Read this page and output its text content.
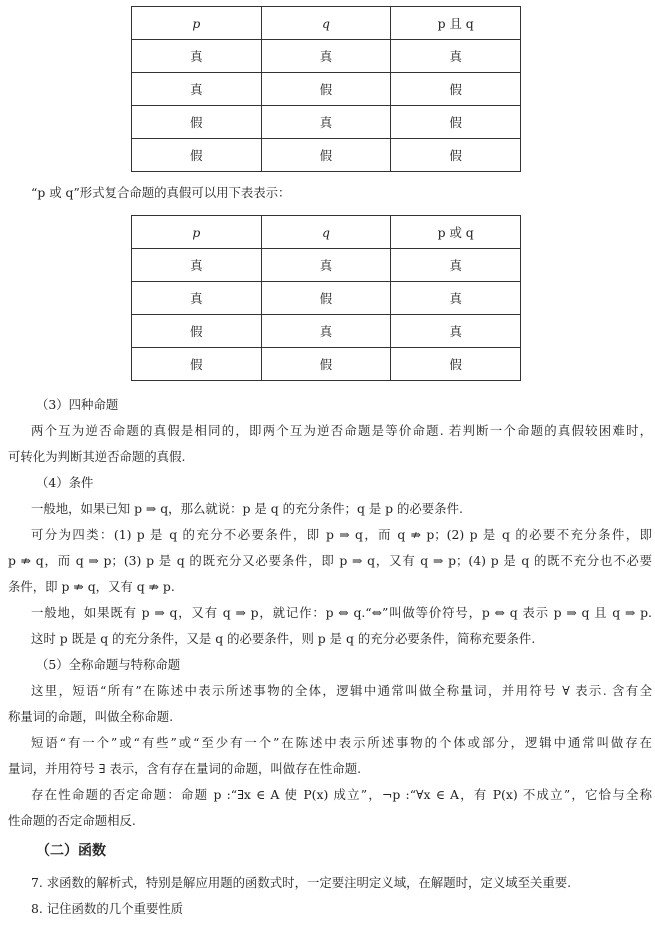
p	q	p 且 q
真	真	真
真	假	假
假	真	假
假	假	假
“p 或 q”形式复合命题的真假可以用下表表示：
p	q	p 或 q
真	真	真
真	假	真
假	真	真
假	假	假
（3）四种命题
两个互为逆否命题的真假是相同的，即两个互为逆否命题是等价命题. 若判断一个命题的真假较困难时，
可转化为判断其逆否命题的真假.
（4）条件
一般地，如果已知 p ⇒ q，那么就说：p 是 q 的充分条件；q 是 p 的必要条件.
可分为四类：(1) p 是 q 的充分不必要条件，即 p ⇒ q，而 q ⇏ p；(2) p 是 q 的必要不充分条件，即
p ⇏ q，而 q ⇒ p；(3) p 是 q 的既充分又必要条件，即 p ⇒ q，又有 q ⇒ p；(4) p 是 q 的既不充分也不必要
条件，即 p ⇏ q，又有 q ⇏ p.
一般地，如果既有 p ⇒ q，又有 q ⇒ p，就记作：p ⇔ q.“⇔”叫做等价符号，p ⇔ q 表示 p ⇒ q 且 q ⇒ p.
这时 p 既是 q 的充分条件，又是 q 的必要条件，则 p 是 q 的充分必要条件，简称充要条件.
（5）全称命题与特称命题
这里，短语“所有”在陈述中表示所述事物的全体，逻辑中通常叫做全称量词，并用符号 ∀ 表示. 含有全
称量词的命题，叫做全称命题.
短语“有一个”或“有些”或“至少有一个”在陈述中表示所述事物的个体或部分，逻辑中通常叫做存在
量词，并用符号 ∃ 表示，含有存在量词的命题，叫做存在性命题.
存在性命题的否定命题：命题 p :“∃x ∈ A 使 P(x) 成立”，¬p :“∀x ∈ A，有 P(x) 不成立”，它恰与全称
性命题的否定命题相反.
（二）函数
7. 求函数的解析式，特别是解应用题的函数式时，一定要注明定义域，在解题时，定义域至关重要.
8. 记住函数的几个重要性质
